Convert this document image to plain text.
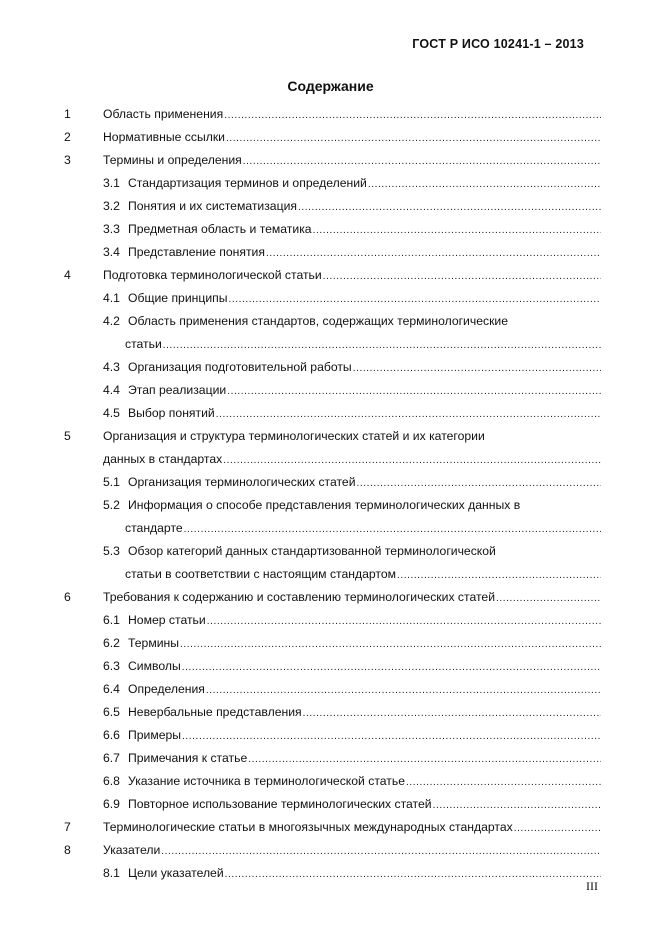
ГОСТ Р ИСО 10241-1 – 2013
Содержание
1	Область применения
.....
2	Нормативные ссылки
.....
3	Термины и определения
.....
3.1 Стандартизация терминов и определений
.....
3.2 Понятия и их систематизация
.....
3.3 Предметная область и тематика
.....
3.4 Представление понятия
.....
4	Подготовка терминологической статьи
.....
4.1 Общие принципы
.....
4.2 Область применения стандартов, содержащих терминологические
статьи
.....
4.3 Организация подготовительной работы
.....
4.4 Этап реализации
.....
4.5 Выбор понятий
.....
5	Организация и структура терминологических статей и их категории
данных в стандартах
.....
5.1 Организация терминологических статей
.....
5.2 Информация о способе представления терминологических данных в
стандарте
.....
5.3 Обзор категорий данных стандартизованной терминологической
статьи в соответствии с настоящим стандартом
.....
6	Требования к содержанию и составлению терминологических статей
.....
6.1 Номер статьи
.....
6.2 Термины
.....
6.3 Символы
.....
6.4 Определения
.....
6.5 Невербальные представления
.....
6.6 Примеры
.....
6.7 Примечания к статье
.....
6.8 Указание источника в терминологической статье
.....
6.9 Повторное использование терминологических статей
.....
7	Терминологические статьи в многоязычных международных стандартах
.....
8	Указатели
.....
8.1 Цели указателей
.....
III
